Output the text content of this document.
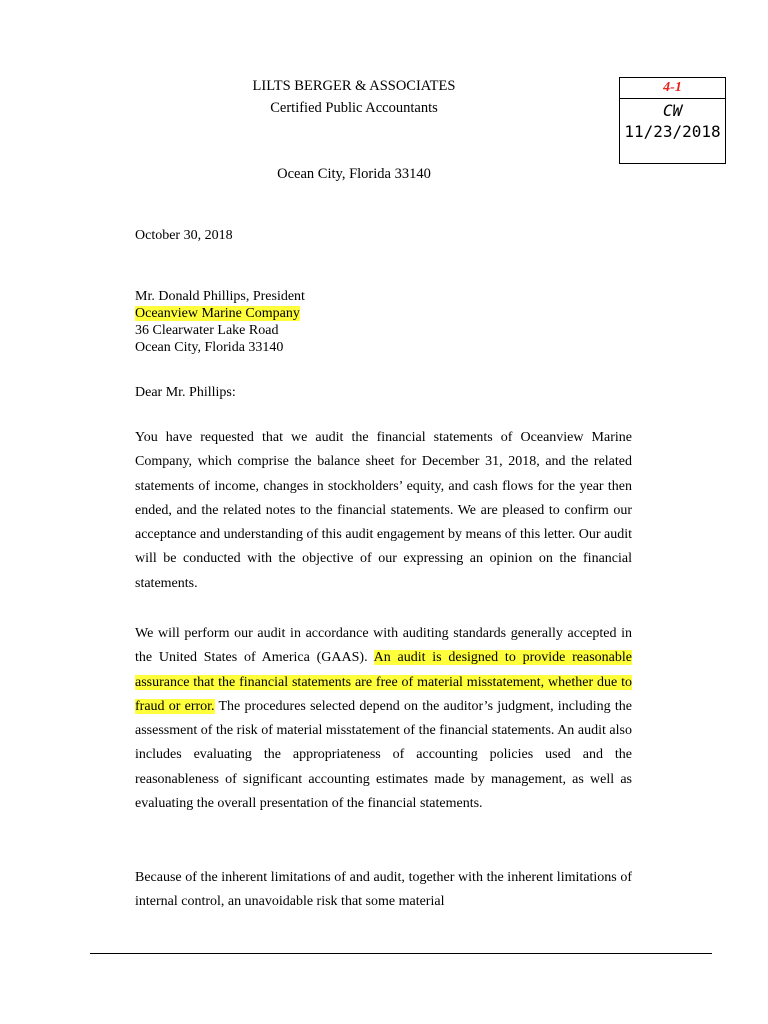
LILTS BERGER & ASSOCIATES
Certified Public Accountants
Ocean City, Florida 33140
4-1
CW
11/23/2018
October 30, 2018
Mr. Donald Phillips, President
Oceanview Marine Company
36 Clearwater Lake Road
Ocean City, Florida 33140
Dear Mr. Phillips:
You have requested that we audit the financial statements of Oceanview Marine Company, which comprise the balance sheet for December 31, 2018, and the related statements of income, changes in stockholders’ equity, and cash flows for the year then ended, and the related notes to the financial statements. We are pleased to confirm our acceptance and understanding of this audit engagement by means of this letter. Our audit will be conducted with the objective of our expressing an opinion on the financial statements.
We will perform our audit in accordance with auditing standards generally accepted in the United States of America (GAAS). An audit is designed to provide reasonable assurance that the financial statements are free of material misstatement, whether due to fraud or error. The procedures selected depend on the auditor’s judgment, including the assessment of the risk of material misstatement of the financial statements. An audit also includes evaluating the appropriateness of accounting policies used and the reasonableness of significant accounting estimates made by management, as well as evaluating the overall presentation of the financial statements.
Because of the inherent limitations of and audit, together with the inherent limitations of internal control, an unavoidable risk that some material
